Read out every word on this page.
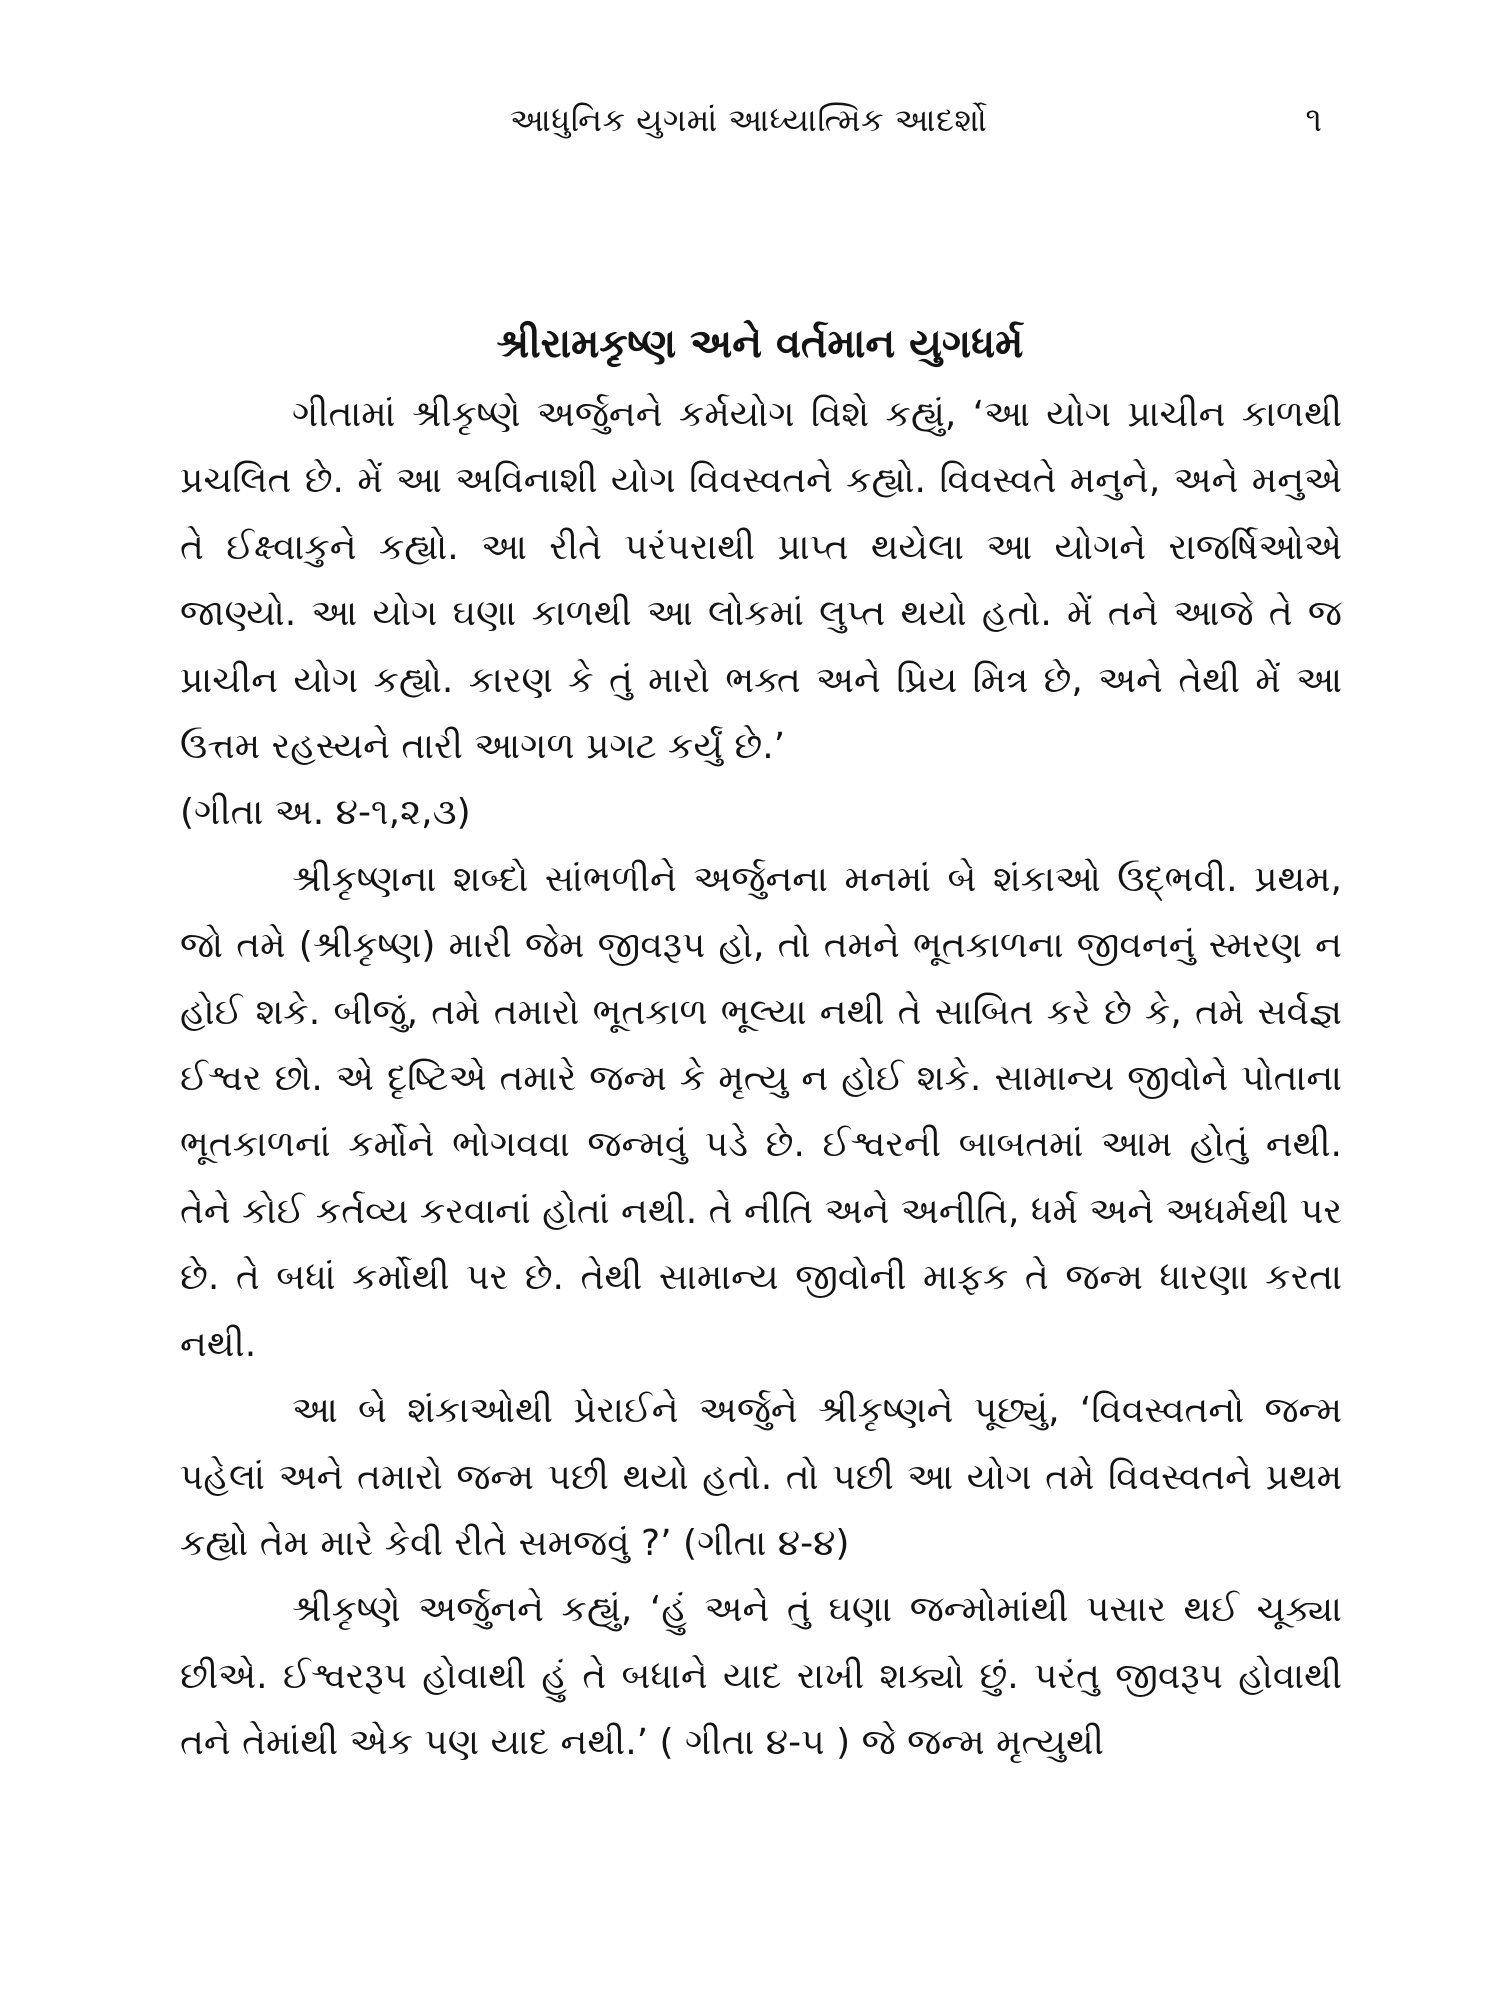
આધુનિક યુગમાં આધ્યાત્મિક આદર્શો	૧
શ્રીરામકૃષ્ણ અને વર્તમાન યુગધર્મ

ગીતામાં શ્રીકૃષ્ણે અર્જુનને કર્મયોગ વિશે કહ્યું, ‘આ યોગ પ્રાચીન કાળથી પ્રચલિત છે. મેં આ અવિનાશી યોગ વિવસ્વતને કહ્યો. વિવસ્વતે મનુને, અને મનુએ તે ઈક્ષ્વાકુને કહ્યો. આ રીતે પરંપરાથી પ્રાપ્ત થયેલા આ યોગને રાજર્ષિઓએ જાણ્યો. આ યોગ ઘણા કાળથી આ લોકમાં લુપ્ત થયો હતો. મેં તને આજે તે જ પ્રાચીન યોગ કહ્યો. કારણ કે તું મારો ભક્ત અને પ્રિય મિત્ર છે, અને તેથી મેં આ ઉત્તમ રહસ્યને તારી આગળ પ્રગટ કર્યું છે.’

(ગીતા અ. ૪-૧,૨,૩)

શ્રીકૃષ્ણના શબ્દો સાંભળીને અર્જુનના મનમાં બે શંકાઓ ઉદ્‌ભવી. પ્રથમ, જો તમે (શ્રીકૃષ્ણ) મારી જેમ જીવરૂપ હો, તો તમને ભૂતકાળના જીવનનું સ્મરણ ન હોઈ શકે. બીજું, તમે તમારો ભૂતકાળ ભૂલ્યા નથી તે સાબિત કરે છે કે, તમે સર્વજ્ઞ ઈશ્વર છો. એ દૃષ્ટિએ તમારે જન્મ કે મૃત્યુ ન હોઈ શકે. સામાન્ય જીવોને પોતાના ભૂતકાળનાં કર્મોને ભોગવવા જન્મવું પડે છે. ઈશ્વરની બાબતમાં આમ હોતું નથી. તેને કોઈ કર્તવ્ય કરવાનાં હોતાં નથી. તે નીતિ અને અનીતિ, ધર્મ અને અધર્મથી પર છે. તે બધાં કર્મોથી પર છે. તેથી સામાન્ય જીવોની માફક તે જન્મ ધારણા કરતા નથી.

આ બે શંકાઓથી પ્રેરાઈને અર્જુને શ્રીકૃષ્ણને પૂછ્યું, ‘વિવસ્વતનો જન્મ પહેલાં અને તમારો જન્મ પછી થયો હતો. તો પછી આ યોગ તમે વિવસ્વતને પ્રથમ કહ્યો તેમ મારે કેવી રીતે સમજવું ?’ (ગીતા ૪-૪)

શ્રીકૃષ્ણે અર્જુનને કહ્યું, ‘હું અને તું ઘણા જન્મોમાંથી પસાર થઈ ચૂક્યા છીએ. ઈશ્વરરૂપ હોવાથી હું તે બધાને યાદ રાખી શક્યો છું. પરંતુ જીવરૂપ હોવાથી તને તેમાંથી એક પણ યાદ નથી.’ ( ગીતા ૪-૫ ) જે જન્મ મૃત્યુથી
